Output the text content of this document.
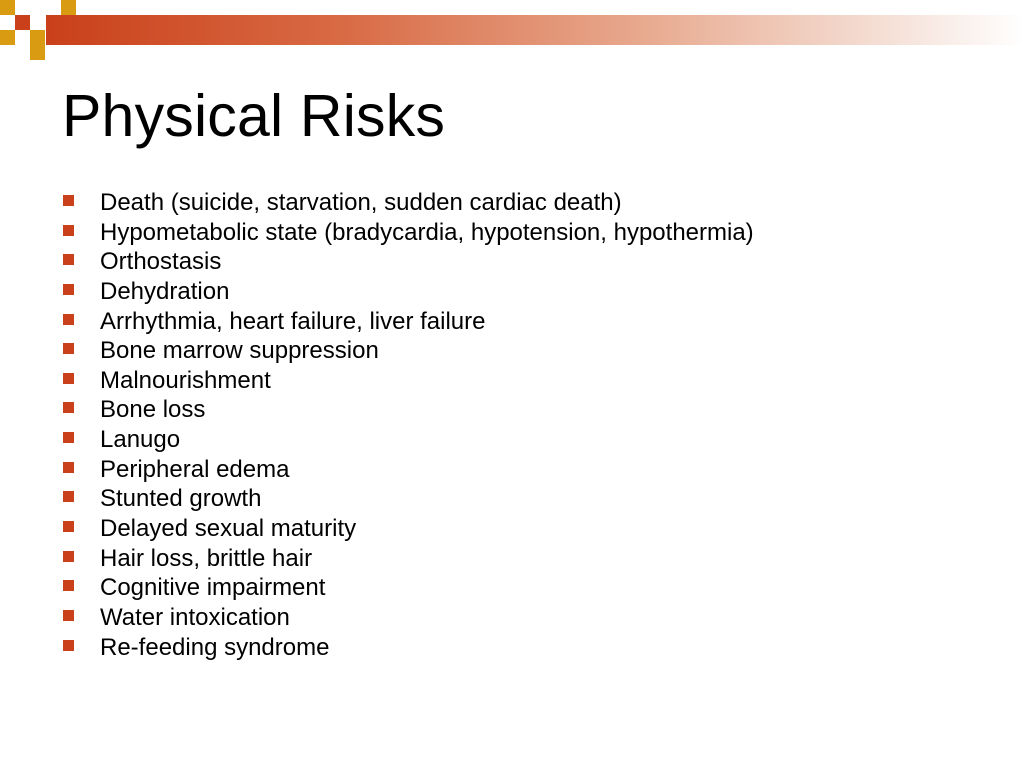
Physical Risks
Death (suicide, starvation, sudden cardiac death)
Hypometabolic state (bradycardia, hypotension, hypothermia)
Orthostasis
Dehydration
Arrhythmia, heart failure, liver failure
Bone marrow suppression
Malnourishment
Bone loss
Lanugo
Peripheral edema
Stunted growth
Delayed sexual maturity
Hair loss, brittle hair
Cognitive impairment
Water intoxication
Re-feeding syndrome
